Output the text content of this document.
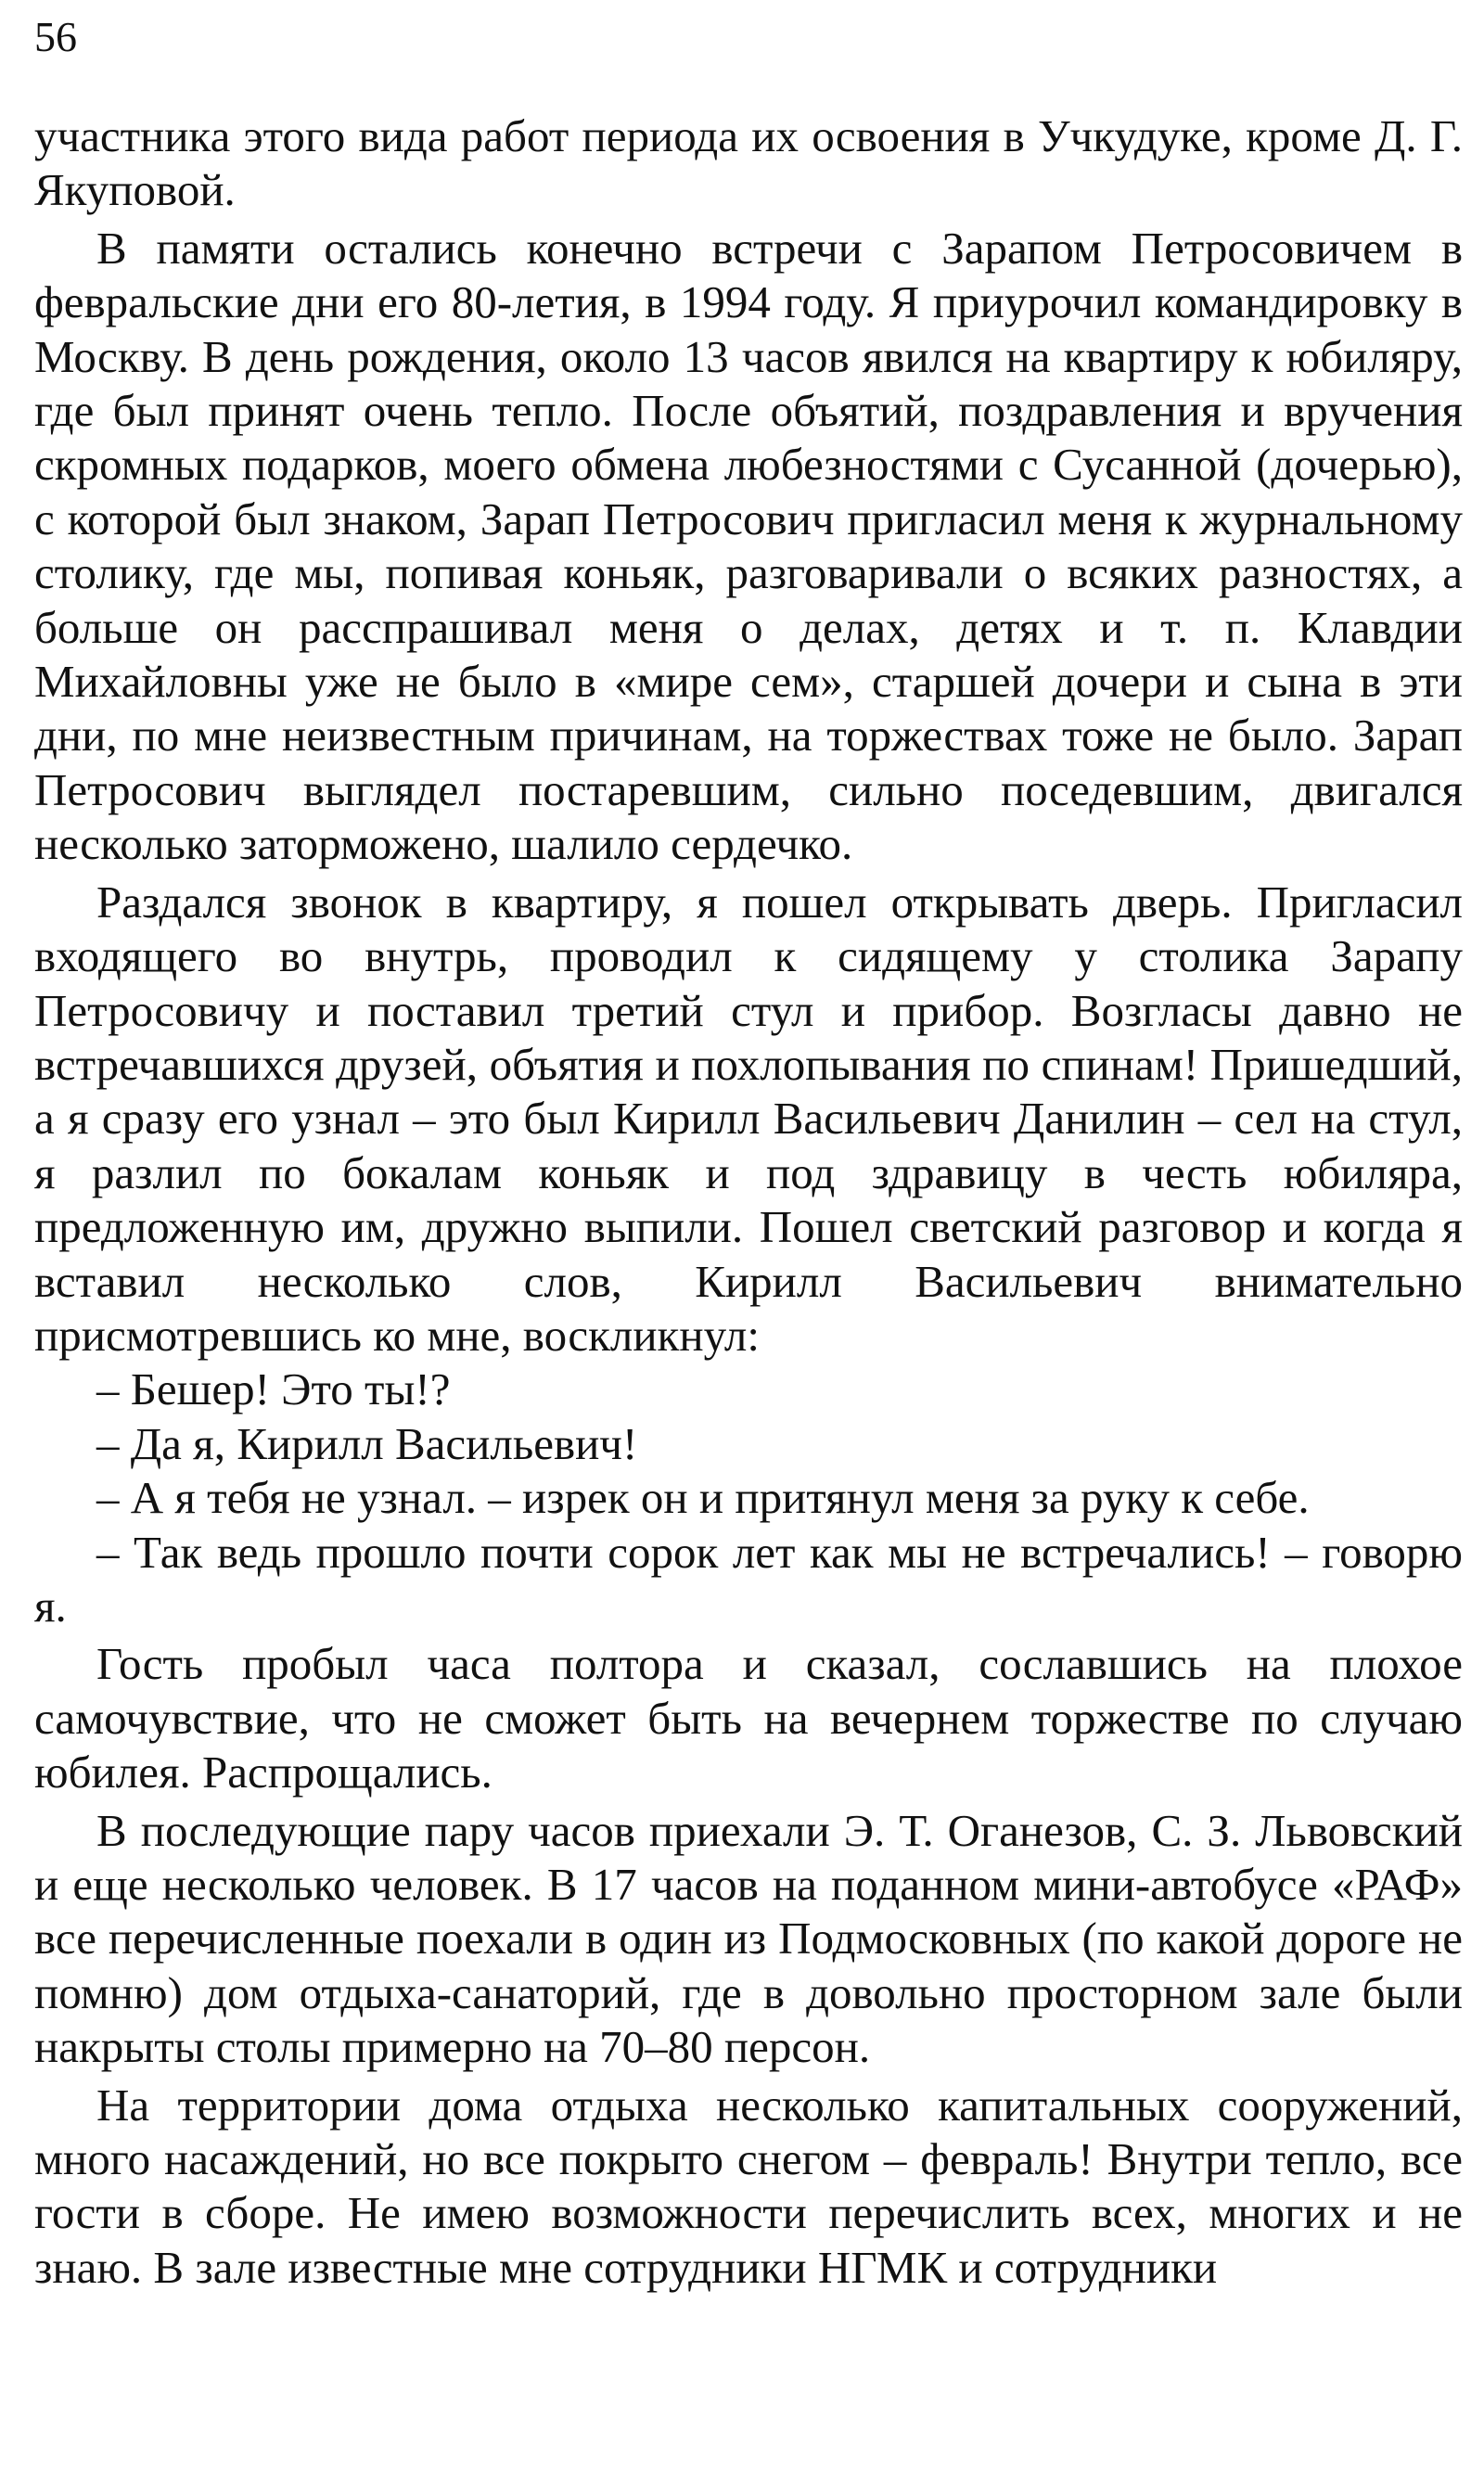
56

участника этого вида работ периода их освоения в Учкудуке, кроме Д. Г. Якуповой.

В памяти остались конечно встречи с Зарапом Петросовичем в февральские дни его 80-летия, в 1994 году. Я приурочил командировку в Москву. В день рождения, около 13 часов явился на квартиру к юбиляру, где был принят очень тепло. После объятий, поздравления и вручения скромных подарков, моего обмена любезностями с Сусанной (дочерью), с которой был знаком, Зарап Петросович пригласил меня к журнальному столику, где мы, попивая коньяк, разговаривали о всяких разностях, а больше он расспрашивал меня о делах, детях и т. п. Клавдии Михайловны уже не было в «мире сем», старшей дочери и сына в эти дни, по мне неизвестным причинам, на торжествах тоже не было. Зарап Петросович выглядел постаревшим, сильно поседевшим, двигался несколько заторможено, шалило сердечко.

Раздался звонок в квартиру, я пошел открывать дверь. Пригласил входящего во внутрь, проводил к сидящему у столика Зарапу Петросовичу и поставил третий стул и прибор. Возгласы давно не встречавшихся друзей, объятия и похлопывания по спинам! Пришедший, а я сразу его узнал – это был Кирилл Васильевич Данилин – сел на стул, я разлил по бокалам коньяк и под здравицу в честь юбиляра, предложенную им, дружно выпили. Пошел светский разговор и когда я вставил несколько слов, Кирилл Васильевич внимательно присмотревшись ко мне, воскликнул:

– Бешер! Это ты!?

– Да я, Кирилл Васильевич!

– А я тебя не узнал. – изрек он и притянул меня за руку к себе.

– Так ведь прошло почти сорок лет как мы не встречались! – говорю я.

Гость пробыл часа полтора и сказал, сославшись на плохое самочувствие, что не сможет быть на вечернем торжестве по случаю юбилея. Распрощались.

В последующие пару часов приехали Э. Т. Оганезов, С. З. Львовский и еще несколько человек. В 17 часов на поданном мини-автобусе «РАФ» все перечисленные поехали в один из Подмосковных (по какой дороге не помню) дом отдыха-санаторий, где в довольно просторном зале были накрыты столы примерно на 70–80 персон.

На территории дома отдыха несколько капитальных сооружений, много насаждений, но все покрыто снегом – февраль! Внутри тепло, все гости в сборе. Не имею возможности перечислить всех, многих и не знаю. В зале известные мне сотрудники НГМК и сотрудники
